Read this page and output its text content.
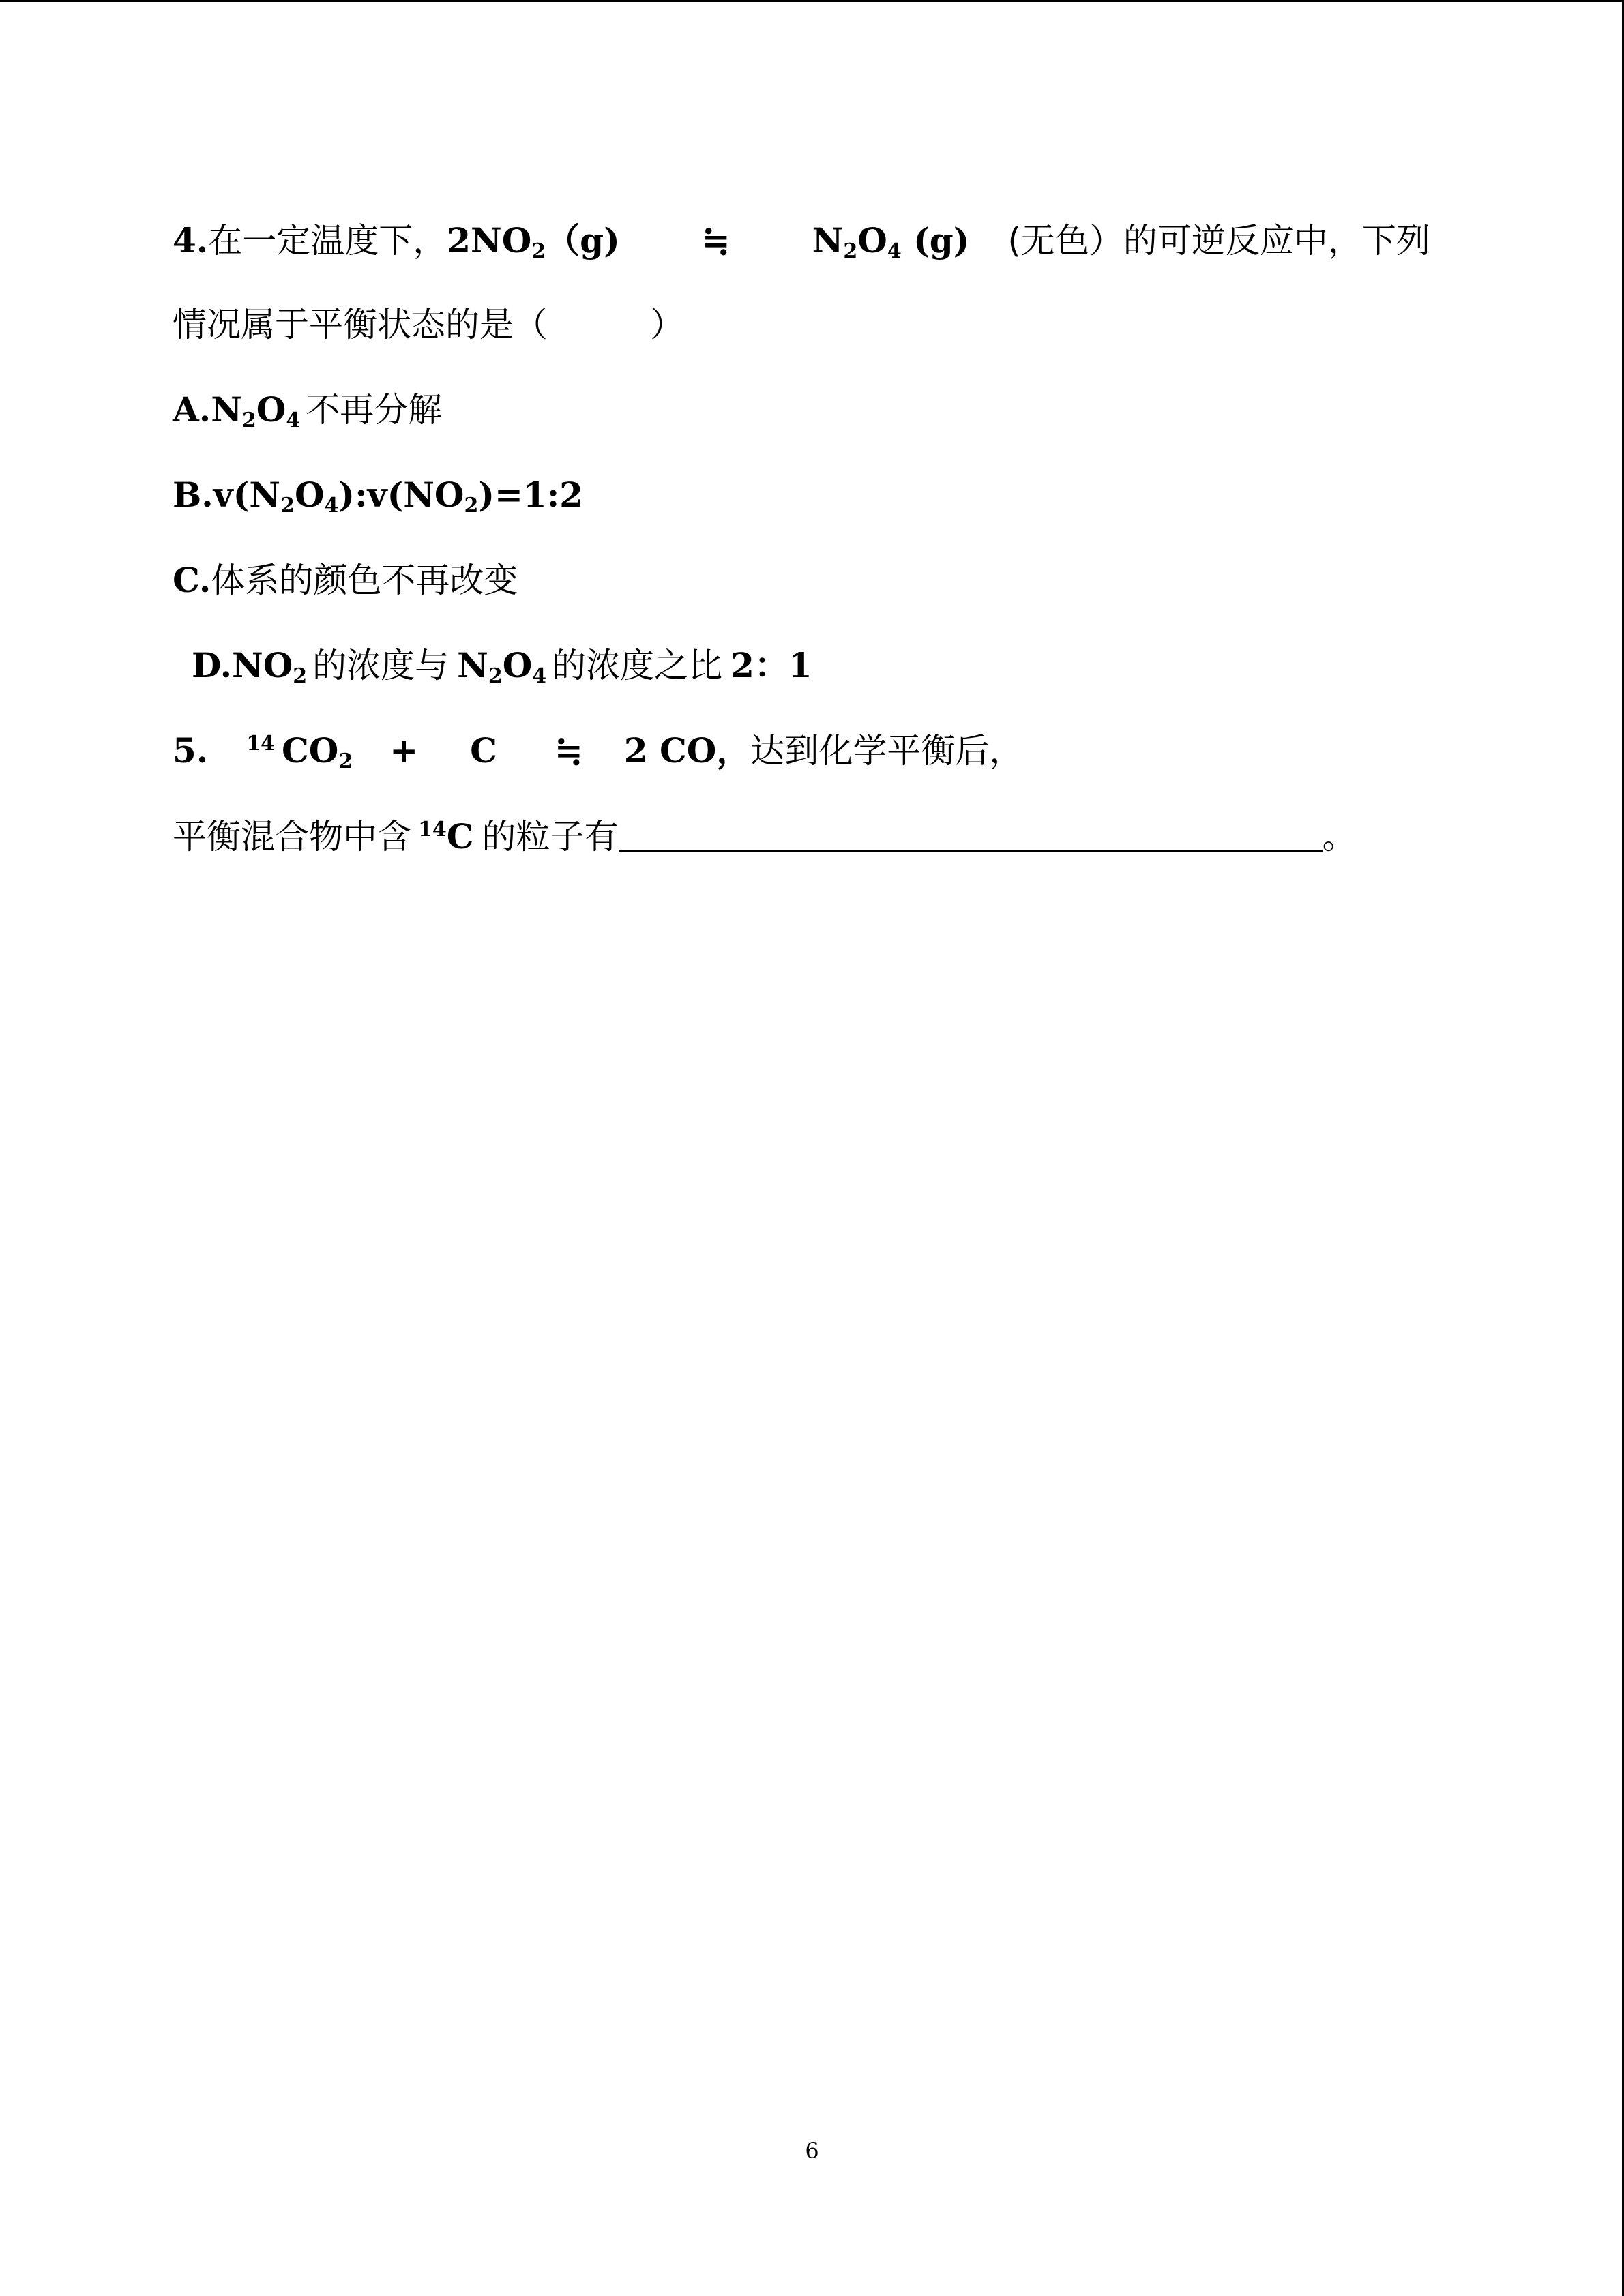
4.在一定温度下，$2NO_2(g)$ ≒ $N_2O_4$ (g) (无色）的可逆反应中，下列
情况属于平衡状态的是（	）
$A.N_2O_4$ 不再分解
$B.v(N_2O_4):v(NO_2)=1:2$
C.体系的颜色不再改变
$D.NO_2$ 的浓度与 $N_2O_4$ 的浓度之比 2：1
5. $^{14}$ $CO_2 + C$ ≒ 2 CO，达到化学平衡后，
平衡混合物中含 $^{14}$C 的粒子有	。
6
